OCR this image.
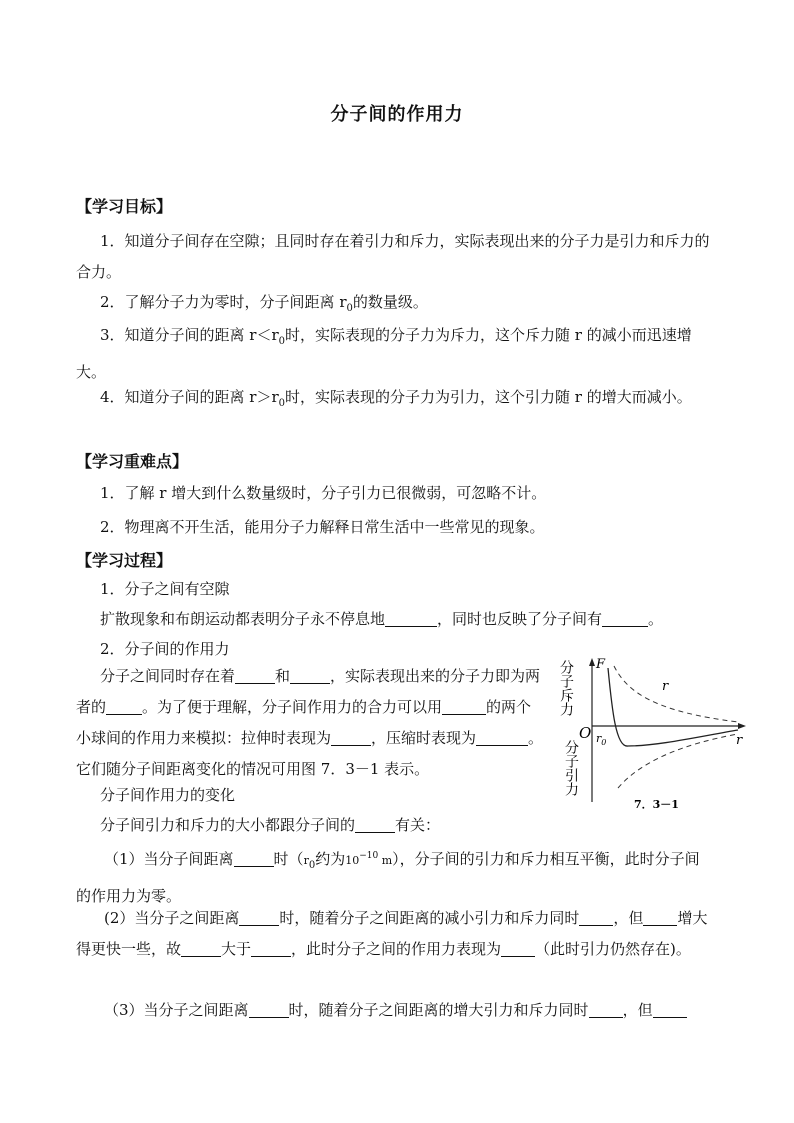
分子间的作用力
【学习目标】

1．知道分子间存在空隙；且同时存在着引力和斥力，实际表现出来的分子力是引力和斥力的合力。

2．了解分子力为零时，分子间距离 $r_0$的数量级。

3．知道分子间的距离 $r<r_0$时，实际表现的分子力为斥力，这个斥力随 r 的减小而迅速增大。

4．知道分子间的距离 $r>r_0$时，实际表现的分子力为引力，这个引力随 r 的增大而减小。

【学习重难点】

1．了解 r 增大到什么数量级时，分子引力已很微弱，可忽略不计。

2．物理离不开生活，能用分子力解释日常生活中一些常见的现象。

【学习过程】

1．分子之间有空隙

扩散现象和布朗运动都表明分子永不停息地	，同时也反映了分子间有	。

2．分子间的作用力

分子之间同时存在着	和	，实际表现出来的分子力即为两者的 。为了便于理解，分子间作用力的合力可以用	的两个小球间的作用力来模拟：拉伸时表现为	，压缩时表现为	。它们随分子间距离变化的情况可用图 7．3－1 表示。

分子间作用力的变化

分子间引力和斥力的大小都跟分子间的	有关：

（1）当分子间距离	时（$r_0$约为$10^{-10}$ m），分子间的引力和斥力相互平衡，此时分子间的作用力为零。

(2）当分子之间距离	时，随着分子之间距离的减小引力和斥力同时 ，但 增大得更快一些，故	大于	，此时分子之间的作用力表现为 （此时引力仍然存在)。

（3）当分子之间距离	时，随着分子之间距离的增大引力和斥力同时 ，但

分子斥力
分子引力
F
O	r
r
$r_0$
7．3－1
